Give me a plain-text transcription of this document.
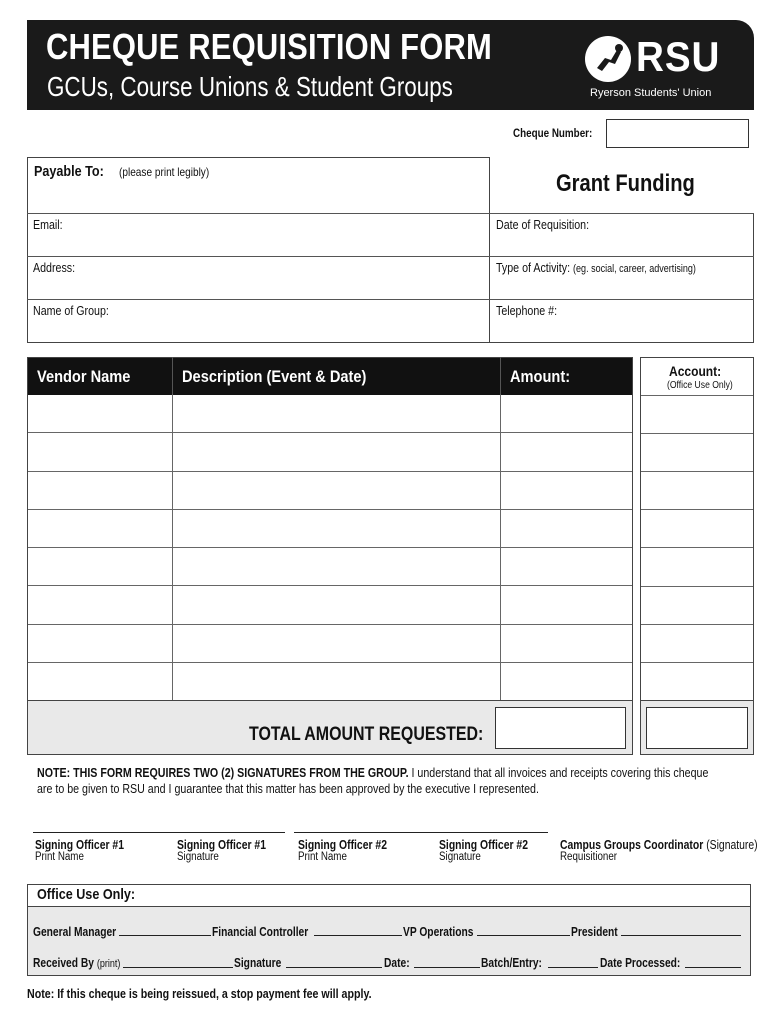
CHEQUE REQUISITION FORM
GCUs, Course Unions & Student Groups
RSU
Ryerson Students' Union
Cheque Number:
Payable To: (please print legibly)	Grant Funding
Email:	Date of Requisition:
Address:	Type of Activity: (eg. social, career, advertising)
Name of Group:	Telephone #:
Vendor Name	Description (Event & Date)	Amount:
TOTAL AMOUNT REQUESTED:
Account:
(Office Use Only)
NOTE: THIS FORM REQUIRES TWO (2) SIGNATURES FROM THE GROUP. I understand that all invoices and receipts covering this cheque
are to be given to RSU and I guarantee that this matter has been approved by the executive I represented.
Signing Officer #1

Print Name
Signing Officer #1
Signature
Signing Officer #2
Print Name
Signing Officer #2
Signature
Campus Groups Coordinator (Signature)
Requisitioner
Office Use Only:
General Manager	Financial Controller	VP Operations	President
Received By (print)	Signature	Date:	Batch/Entry:	Date Processed:
Note: If this cheque is being reissued, a stop payment fee will apply.
